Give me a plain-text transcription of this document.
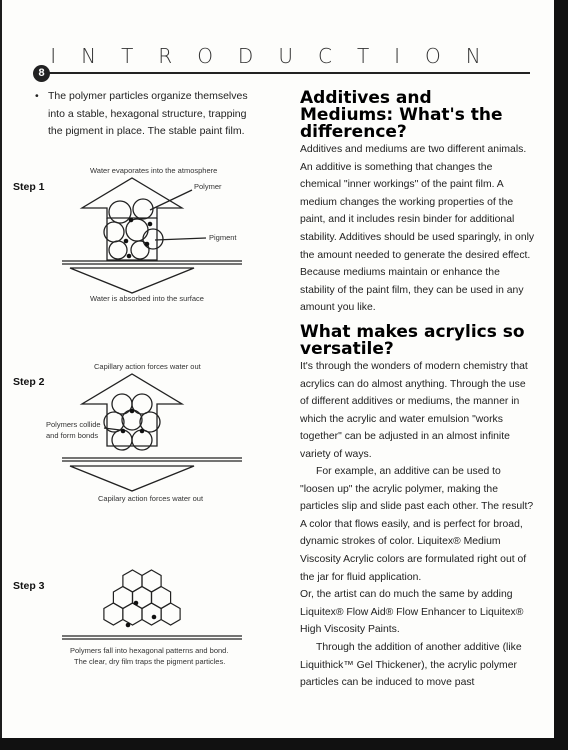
INTRODUCTION
8
• The polymer particles organize themselves into a stable, hexagonal structure, trapping the pigment in place. The stable paint film.
Water evaporates into the atmosphere
Polymer
Pigment
Water is absorbed into the surface
Step 1
Capillary action forces water out
Polymers collide
and form bonds
Capilary action forces water out
Step 2
Polymers fall into hexagonal patterns and bond.
The clear, dry film traps the pigment particles.
Step 3
Additives and
Mediums: What's the
difference?
Additives and mediums are two different animals. An additive is something that changes the chemical "inner workings" of the paint film. A medium changes the working properties of the paint, and it includes resin binder for additional stability. Additives should be used sparingly, in only the amount needed to generate the desired effect. Because mediums maintain or enhance the stability of the paint film, they can be used in any amount you like.
What makes acrylics so
versatile?
It's through the wonders of modern chemistry that acrylics can do almost anything. Through the use of different additives or mediums, the manner in which the acrylic and water emulsion "works together" can be adjusted in an almost infinite variety of ways.
For example, an additive can be used to "loosen up" the acrylic polymer, making the particles slip and slide past each other. The result? A color that flows easily, and is perfect for broad, dynamic strokes of color. Liquitex® Medium Viscosity Acrylic colors are formulated right out of the jar for fluid application.
Or, the artist can do much the same by adding Liquitex® Flow Aid® Flow Enhancer to Liquitex® High Viscosity Paints.
Through the addition of another additive (like Liquithick™ Gel Thickener), the acrylic polymer particles can be induced to move past
